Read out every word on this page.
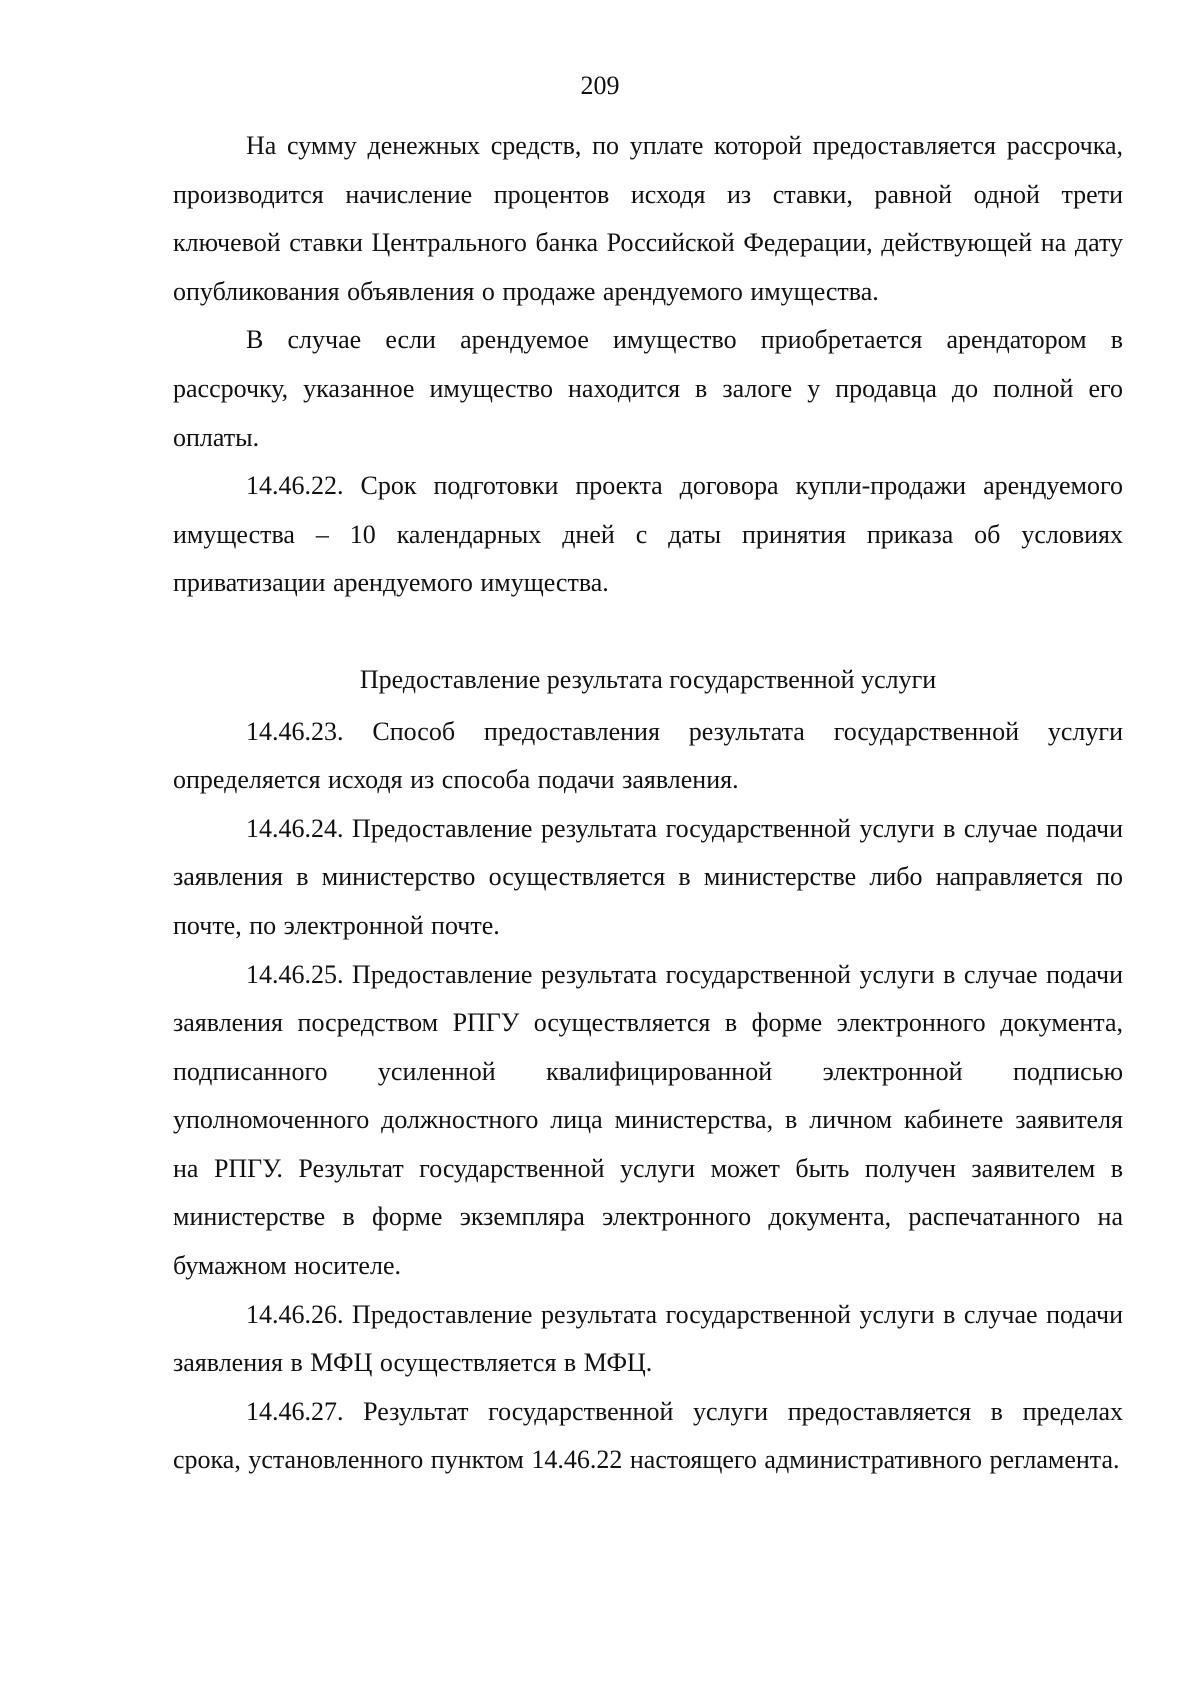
209

На сумму денежных средств, по уплате которой предоставляется рассрочка, производится начисление процентов исходя из ставки, равной одной трети ключевой ставки Центрального банка Российской Федерации, действующей на дату опубликования объявления о продаже арендуемого имущества.

В случае если арендуемое имущество приобретается арендатором в рассрочку, указанное имущество находится в залоге у продавца до полной его оплаты.

14.46.22. Срок подготовки проекта договора купли-продажи арендуемого имущества – 10 календарных дней с даты принятия приказа об условиях приватизации арендуемого имущества.

Предоставление результата государственной услуги

14.46.23. Способ предоставления результата государственной услуги определяется исходя из способа подачи заявления.

14.46.24. Предоставление результата государственной услуги в случае подачи заявления в министерство осуществляется в министерстве либо направляется по почте, по электронной почте.

14.46.25. Предоставление результата государственной услуги в случае подачи заявления посредством РПГУ осуществляется в форме электронного документа, подписанного усиленной квалифицированной электронной подписью уполномоченного должностного лица министерства, в личном кабинете заявителя на РПГУ. Результат государственной услуги может быть получен заявителем в министерстве в форме экземпляра электронного документа, распечатанного на бумажном носителе.

14.46.26. Предоставление результата государственной услуги в случае подачи заявления в МФЦ осуществляется в МФЦ.

14.46.27. Результат государственной услуги предоставляется в пределах срока, установленного пунктом 14.46.22 настоящего административного регламента.
